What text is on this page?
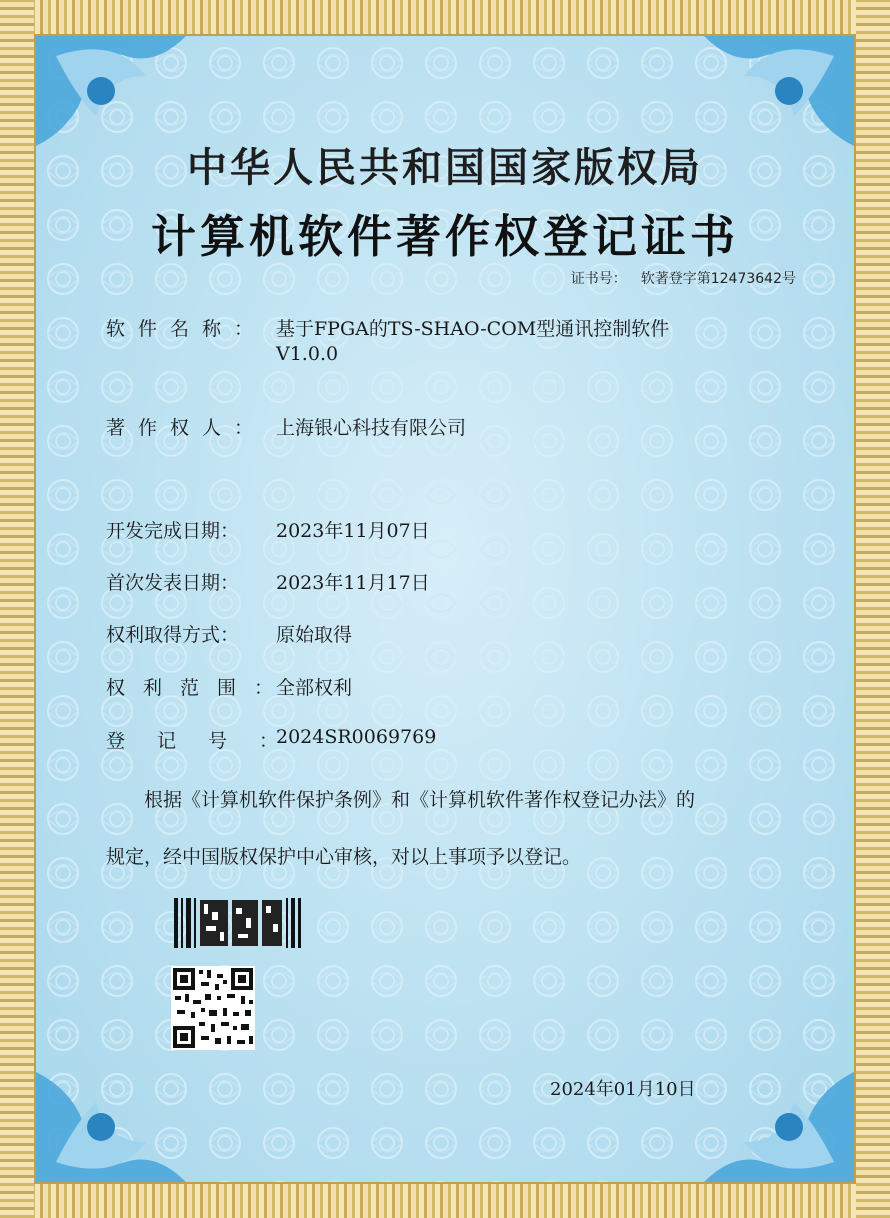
中华人民共和国国家版权局
计算机软件著作权登记证书
证书号： 软著登字第12473642号
软件名称： 基于FPGA的TS-SHAO-COM型通讯控制软件
V1.0.0
著作权人： 上海银心科技有限公司
开发完成日期： 2023年11月07日
首次发表日期： 2023年11月17日
权利取得方式： 原始取得
权利范围：全部权利
登记号：2024SR0069769
根据《计算机软件保护条例》和《计算机软件著作权登记办法》的
规定，经中国版权保护中心审核，对以上事项予以登记。
2024年01月10日
